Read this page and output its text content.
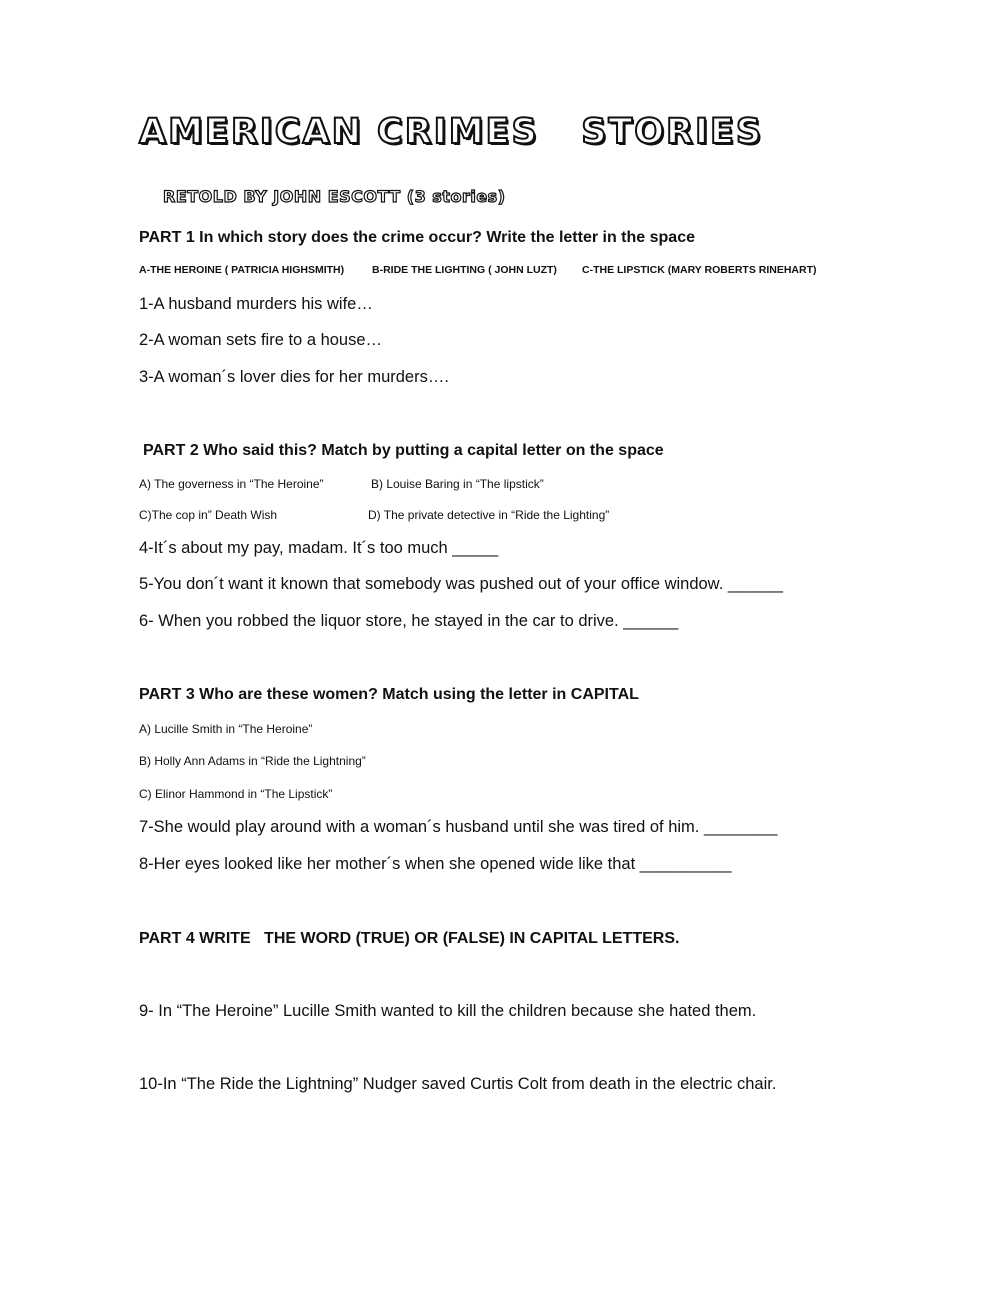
AMERICAN CRIMES   STORIES
RETOLD BY JOHN ESCOTT (3 stories)
PART 1 In which story does the crime occur? Write the letter in the space
A-THE HEROINE ( PATRICIA HIGHSMITH)	B-RIDE THE LIGHTING ( JOHN LUZT) C-THE LIPSTICK (MARY ROBERTS RINEHART)
1-A husband murders his wife…
2-A woman sets fire to a house…
3-A woman´s lover dies for her murders….
PART 2 Who said this? Match by putting a capital letter on the space
A) The governess in “The Heroine”	B) Louise Baring in “The lipstick”
C)The cop in” Death Wish	D) The private detective in “Ride the Lighting”
4-It´s about my pay, madam. It´s too much _____
5-You don´t want it known that somebody was pushed out of your office window. ______
6- When you robbed the liquor store, he stayed in the car to drive. ______
PART 3 Who are these women? Match using the letter in CAPITAL
A) Lucille Smith in “The Heroine”
B) Holly Ann Adams in “Ride the Lightning”
C) Elinor Hammond in “The Lipstick”
7-She would play around with a woman´s husband until she was tired of him. ________
8-Her eyes looked like her mother´s when she opened wide like that __________
PART 4 WRITE   THE WORD (TRUE) OR (FALSE) IN CAPITAL LETTERS.
9- In “The Heroine” Lucille Smith wanted to kill the children because she hated them.
10-In “The Ride the Lightning” Nudger saved Curtis Colt from death in the electric chair.
